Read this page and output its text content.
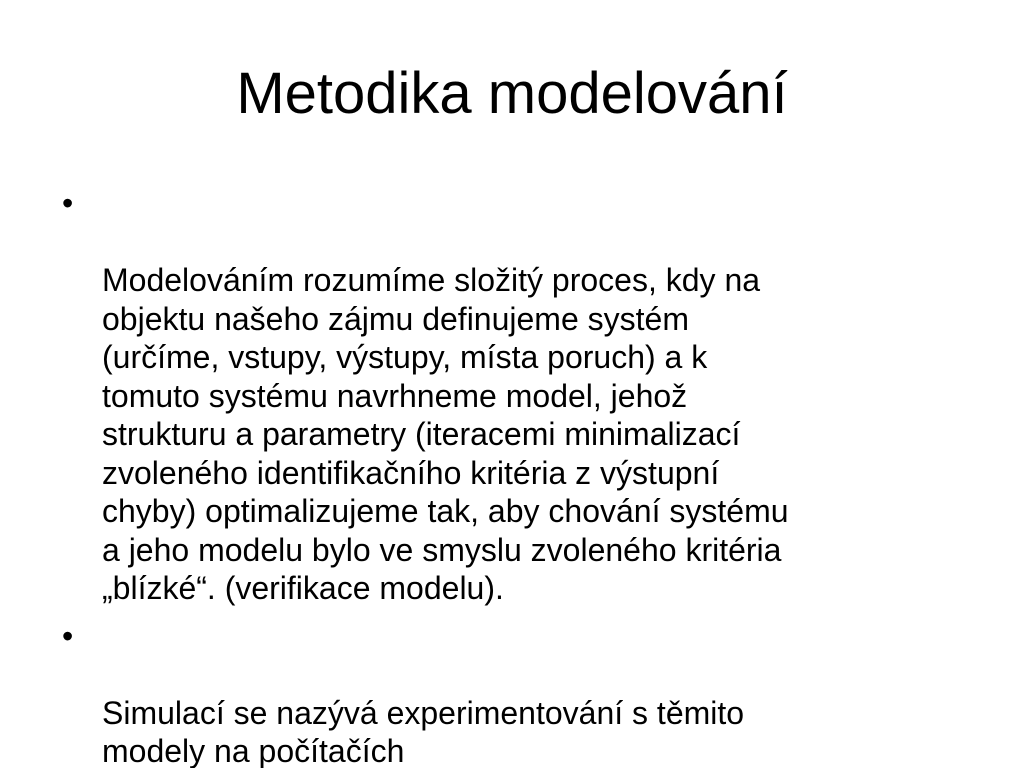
Metodika modelování

•

Modelováním rozumíme složitý proces, kdy na
objektu našeho zájmu definujeme systém
(určíme, vstupy, výstupy, místa poruch) a k
tomuto systému navrhneme model, jehož
strukturu a parametry (iteracemi minimalizací
zvoleného identifikačního kritéria z výstupní
chyby) optimalizujeme tak, aby chování systému
a jeho modelu bylo ve smyslu zvoleného kritéria
„blízké“. (verifikace modelu).

•

Simulací se nazývá experimentování s těmito
modely na počítačích
